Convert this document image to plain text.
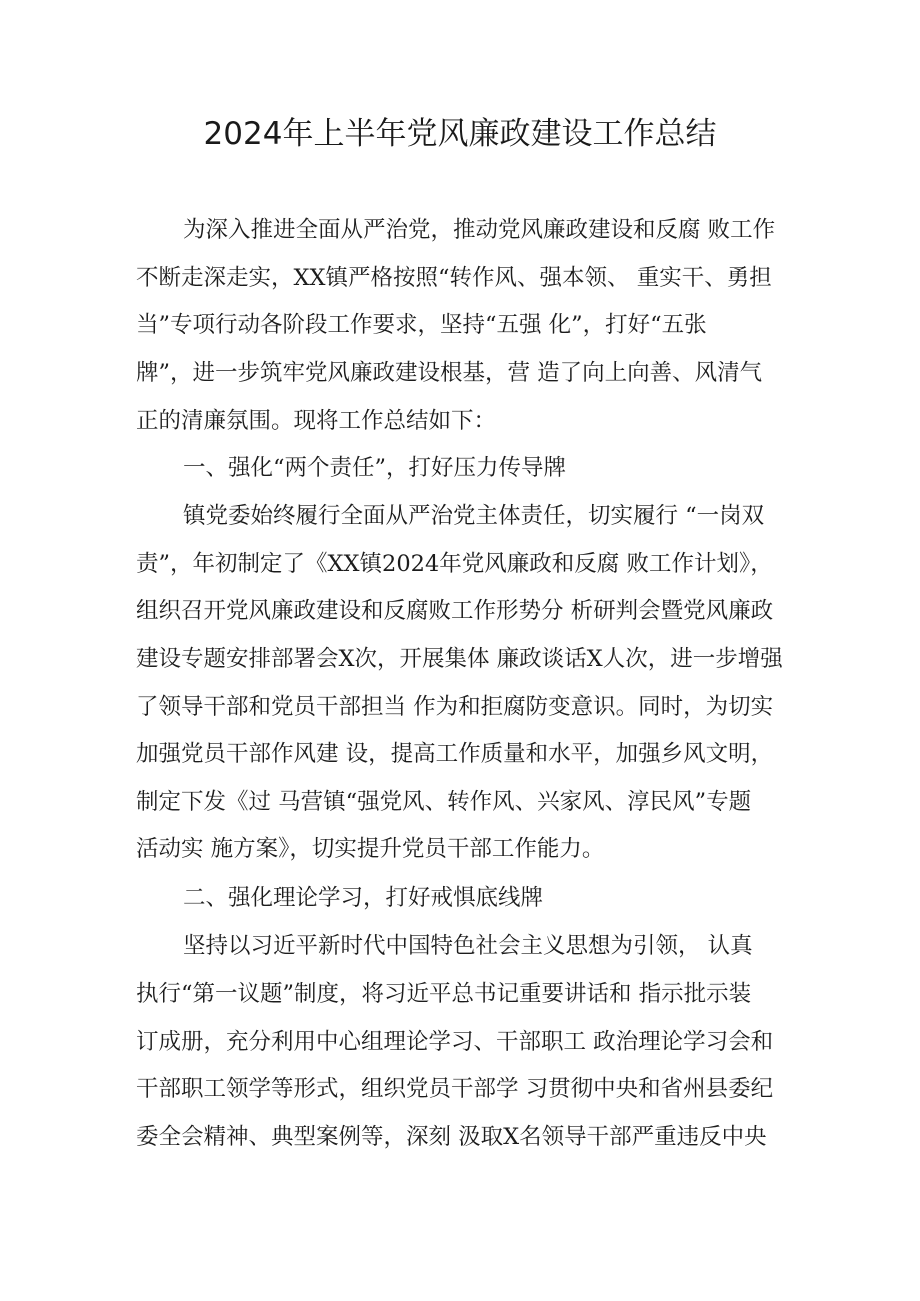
2024年上半年党风廉政建设工作总结
为深入推进全面从严治党，推动党风廉政建设和反腐 败工作
不断走深走实，XX镇严格按照“转作风、强本领、 重实干、勇担
当”专项行动各阶段工作要求，坚持“五强 化”，打好“五张
牌”，进一步筑牢党风廉政建设根基，营 造了向上向善、风清气
正的清廉氛围。现将工作总结如下：
一、强化“两个责任”，打好压力传导牌
镇党委始终履行全面从严治党主体责任，切实履行 “一岗双
责”，年初制定了《XX镇2024年党风廉政和反腐 败工作计划》，
组织召开党风廉政建设和反腐败工作形势分 析研判会暨党风廉政
建设专题安排部署会X次，开展集体 廉政谈话X人次，进一步增强
了领导干部和党员干部担当 作为和拒腐防变意识。同时，为切实
加强党员干部作风建 设，提高工作质量和水平，加强乡风文明，
制定下发《过 马营镇“强党风、转作风、兴家风、淳民风”专题
活动实 施方案》，切实提升党员干部工作能力。
二、强化理论学习，打好戒惧底线牌
坚持以习近平新时代中国特色社会主义思想为引领， 认真
执行“第一议题”制度，将习近平总书记重要讲话和 指示批示装
订成册，充分利用中心组理论学习、干部职工 政治理论学习会和
干部职工领学等形式，组织党员干部学 习贯彻中央和省州县委纪
委全会精神、典型案例等，深刻 汲取X名领导干部严重违反中央
